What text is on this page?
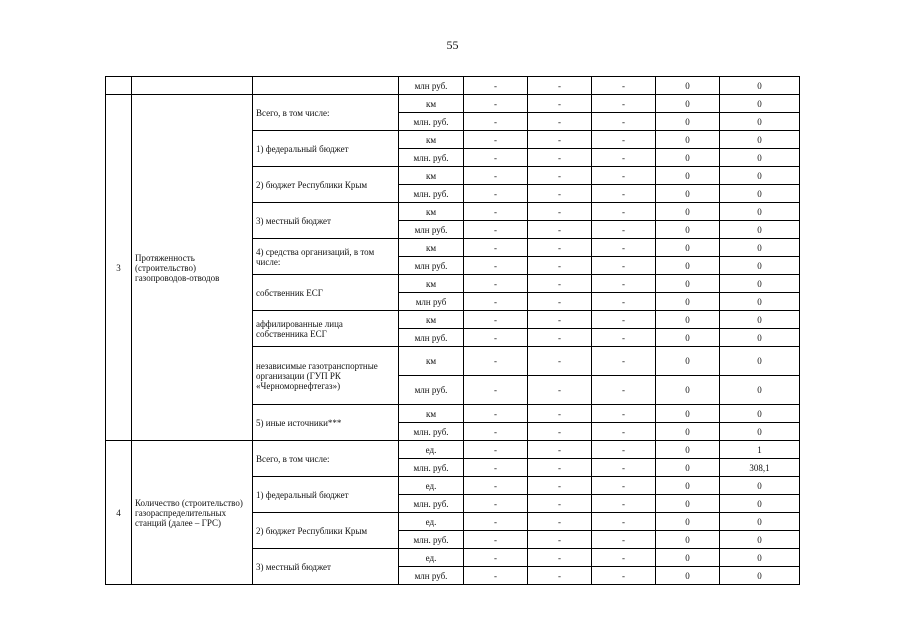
55
			млн руб.	-	-	-	0	0
3	Протяженность (строительство) газопроводов-отводов	Всего, в том числе:	км	-	-	-	0	0
			млн. руб.	-	-	-	0	0
		1) федеральный бюджет	км	-	-	-	0	0
			млн. руб.	-	-	-	0	0
		2) бюджет Республики Крым	км	-	-	-	0	0
			млн. руб.	-	-	-	0	0
		3) местный бюджет	км	-	-	-	0	0
			млн руб.	-	-	-	0	0
		4) средства организаций, в том числе:	км	-	-	-	0	0
			млн руб.	-	-	-	0	0
		собственник ЕСГ	км	-	-	-	0	0
			млн руб	-	-	-	0	0
		аффилированные лица собственника ЕСГ	км	-	-	-	0	0
			млн руб.	-	-	-	0	0
		независимые газотранспортные организации (ГУП РК «Черноморнефтегаз»)	км	-	-	-	0	0
			млн руб.	-	-	-	0	0
		5) иные источники***	км	-	-	-	0	0
			млн. руб.	-	-	-	0	0
4	Количество (строительство) газораспределительных станций (далее – ГРС)	Всего, в том числе:	ед.	-	-	-	0	1
			млн. руб.	-	-	-	0	308,1
		1) федеральный бюджет	ед.	-	-	-	0	0
			млн. руб.	-	-	-	0	0
		2) бюджет Республики Крым	ед.	-	-	-	0	0
			млн. руб.	-	-	-	0	0
		3) местный бюджет	ед.	-	-	-	0	0
			млн руб.	-	-	-	0	0
